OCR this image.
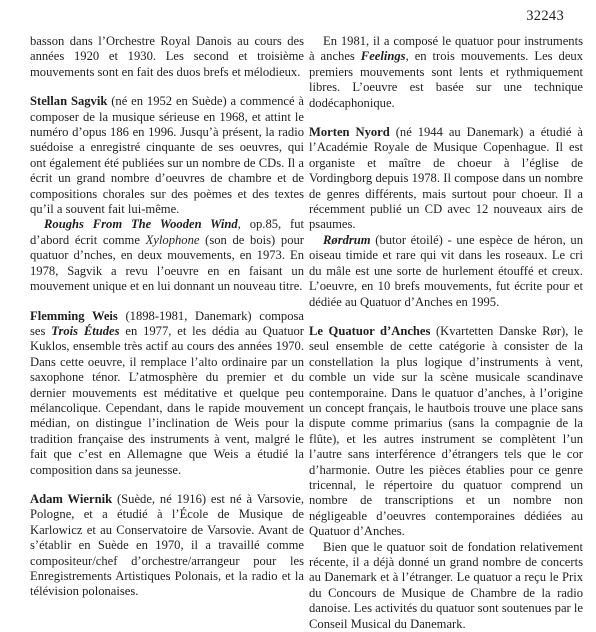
32243

basson dans l’Orchestre Royal Danois au cours des années 1920 et 1930. Les second et troisième mouvements sont en fait des duos brefs et mélodieux.

Stellan Sagvik (né en 1952 en Suède) a commencé à composer de la musique sérieuse en 1968, et attint le numéro d’opus 186 en 1996. Jusqu’à présent, la radio suédoise a enregistré cinquante de ses oeuvres, qui ont également été publiées sur un nombre de CDs. Il a écrit un grand nombre d’oeuvres de chambre et de compositions chorales sur des poèmes et des textes qu’il a souvent fait lui-même.

Roughs From The Wooden Wind, op.85, fut d’abord écrit comme Xylophone (son de bois) pour quatuor d’nches, en deux mouvements, en 1973. En 1978, Sagvik a revu l’oeuvre en en faisant un mouvement unique et en lui donnant un nouveau titre.

Flemming Weis (1898-1981, Danemark) composa ses Trois Études en 1977, et les dédia au Quatuor Kuklos, ensemble très actif au cours des années 1970. Dans cette oeuvre, il remplace l’alto ordinaire par un saxophone ténor. L’atmosphère du premier et du dernier mouvements est méditative et quelque peu mélancolique. Cependant, dans le rapide mouvement médian, on distingue l’inclination de Weis pour la tradition française des instruments à vent, malgré le fait que c’est en Allemagne que Weis a étudié la composition dans sa jeunesse.

Adam Wiernik (Suède, né 1916) est né à Varsovie, Pologne, et a étudié à l’École de Musique de Karlowicz et au Conservatoire de Varsovie. Avant de s’établir en Suède en 1970, il a travaillé comme compositeur/chef d’orchestre/arrangeur pour les Enregistrements Artistiques Polonais, et la radio et la télévision polonaises.

En 1981, il a composé le quatuor pour instruments à anches Feelings, en trois mouvements. Les deux premiers mouvements sont lents et rythmiquement libres. L’oeuvre est basée sur une technique dodécaphonique.

Morten Nyord (né 1944 au Danemark) a étudié à l’Académie Royale de Musique Copenhague. Il est organiste et maître de choeur à l’église de Vordingborg depuis 1978. Il compose dans un nombre de genres différents, mais surtout pour choeur. Il a récemment publié un CD avec 12 nouveaux airs de psaumes.

Rørdrum (butor étoilé) - une espèce de héron, un oiseau timide et rare qui vit dans les roseaux. Le cri du mâle est une sorte de hurlement étouffé et creux. L’oeuvre, en 10 brefs mouvements, fut écrite pour et dédiée au Quatuor d’Anches en 1995.

Le Quatuor d’Anches (Kvartetten Danske Rør), le seul ensemble de cette catégorie à consister de la constellation la plus logique d’instruments à vent, comble un vide sur la scène musicale scandinave contemporaine. Dans le quatuor d’anches, à l’origine un concept français, le hautbois trouve une place sans dispute comme primarius (sans la compagnie de la flûte), et les autres instrument se complètent l’un l’autre sans interférence d’étrangers tels que le cor d’harmonie. Outre les pièces établies pour ce genre tricennal, le répertoire du quatuor comprend un nombre de transcriptions et un nombre non négligeable d’oeuvres contemporaines dédiées au Quatuor d’Anches.

Bien que le quatuor soit de fondation relativement récente, il a déjà donné un grand nombre de concerts au Danemark et à l’étranger. Le quatuor a reçu le Prix du Concours de Musique de Chambre de la radio danoise. Les activités du quatuor sont soutenues par le Conseil Musical du Danemark.
